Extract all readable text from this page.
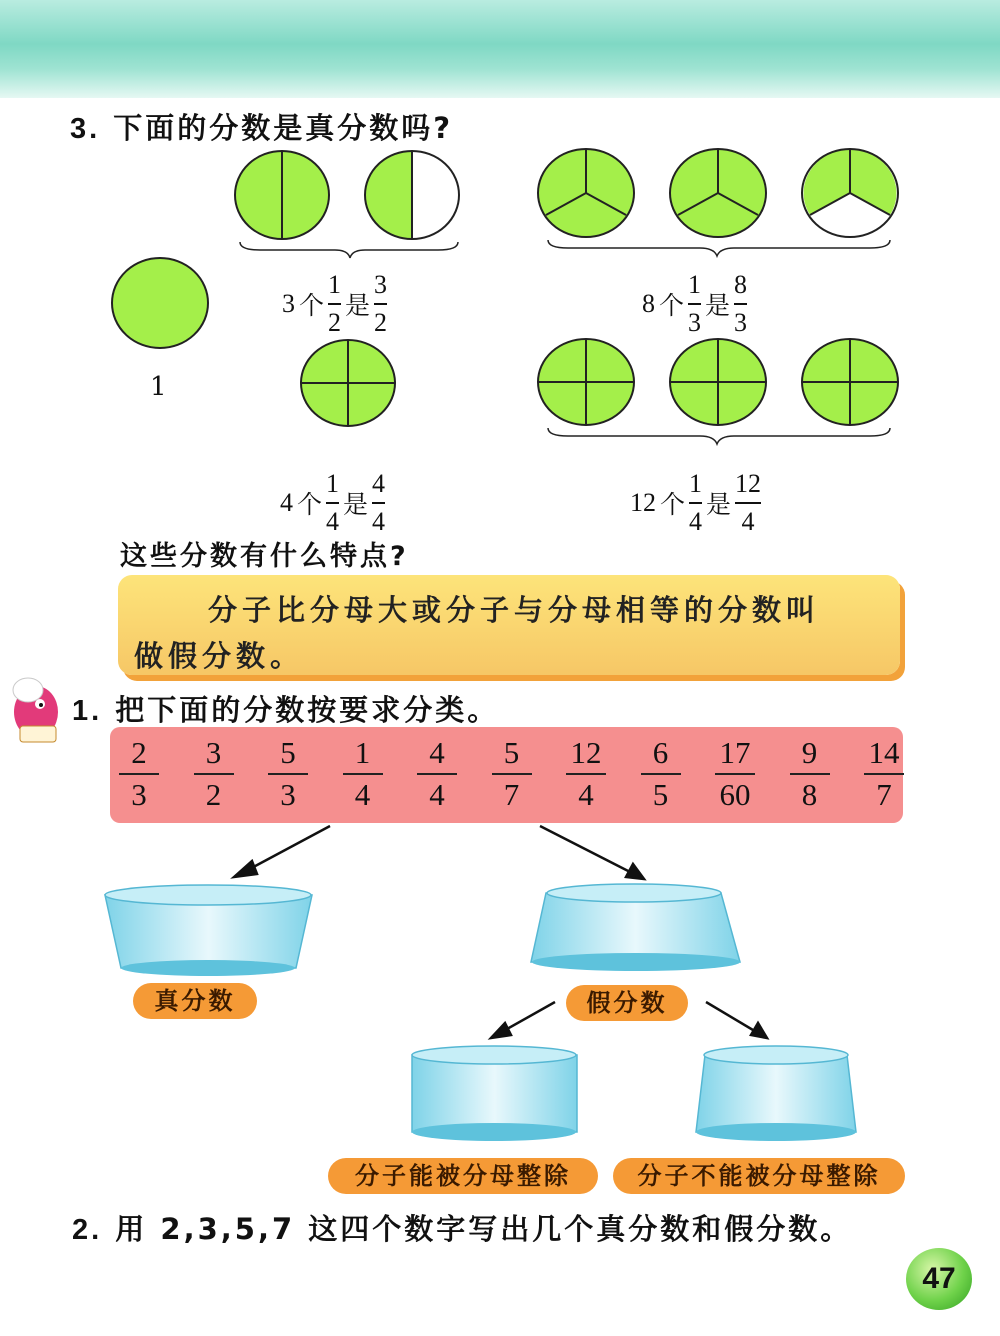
3. 下面的分数是真分数吗?
1
3 个 $\frac{1}{2}$ 是 $\frac{3}{2}$	8 个 $\frac{1}{3}$ 是 $\frac{8}{3}$
4 个 $\frac{1}{4}$ 是 $\frac{4}{4}$	12 个 $\frac{1}{4}$ 是 $\frac{12}{4}$
这些分数有什么特点?
分子比分母大或分子与分母相等的分数叫
做假分数。
1. 把下面的分数按要求分类。
2
3
3
2
5
3
1
4
4
4
5
7
12
4
6
5
17
60
9
8
14
7
真分数	假分数
分子能被分母整除	分子不能被分母整除
2. 用 2,3,5,7 这四个数字写出几个真分数和假分数。
47
